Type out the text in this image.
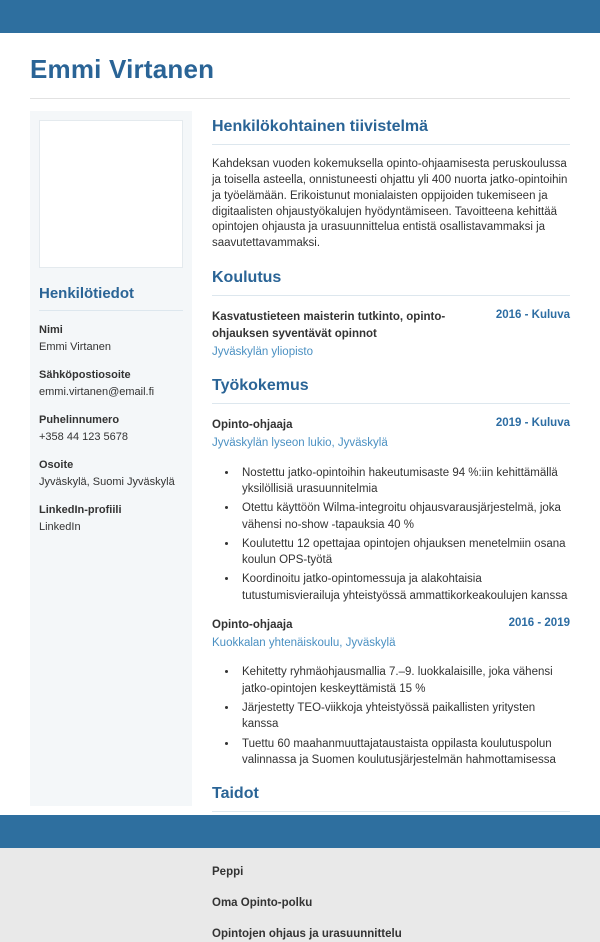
Emmi Virtanen
Henkilötiedot
Nimi
Emmi Virtanen
Sähköpostiosoite
emmi.virtanen@email.fi
Puhelinnumero
+358 44 123 5678
Osoite
Jyväskylä, Suomi Jyväskylä
LinkedIn-profiili
LinkedIn
Henkilökohtainen tiivistelmä

Kahdeksan vuoden kokemuksella opinto-ohjaamisesta peruskoulussa ja toisella asteella, onnistuneesti ohjattu yli 400 nuorta jatko-opintoihin ja työelämään. Erikoistunut monialaisten oppijoiden tukemiseen ja digitaalisten ohjaustyökalujen hyödyntämiseen. Tavoitteena kehittää opintojen ohjausta ja urasuunnittelua entistä osallistavammaksi ja saavutettavammaksi.

Koulutus
Kasvatustieteen maisterin tutkinto, opinto-ohjauksen syventävät opinnot
2016 - Kuluva
Jyväskylän yliopisto
Työkokemus
Opinto-ohjaaja	2019 - Kuluva
Jyväskylän lyseon lukio, Jyväskylä
• Nostettu jatko-opintoihin hakeutumisaste 94 %:iin kehittämällä yksilöllisiä urasuunnitelmia
• Otettu käyttöön Wilma-integroitu ohjausvarausjärjestelmä, joka vähensi no-show -tapauksia 40 %
• Koulutettu 12 opettajaa opintojen ohjauksen menetelmiin osana koulun OPS-työtä
• Koordinoitu jatko-opintomessuja ja alakohtaisia tutustumisvierailuja yhteistyössä ammattikorkeakoulujen kanssa
Opinto-ohjaaja	2016 - 2019
Kuokkalan yhtenäiskoulu, Jyväskylä
• Kehitetty ryhmäohjausmallia 7.–9. luokkalaisille, joka vähensi jatko-opintojen keskeyttämistä 15 %
• Järjestetty TEO-viikkoja yhteistyössä paikallisten yritysten kanssa
• Tuettu 60 maahanmuuttajataustaista oppilasta koulutuspolun valinnassa ja Suomen koulutusjärjestelmän hahmottamisessa
Taidot
Peppi
Oma Opinto-polku
Opintojen ohjaus ja urasuunnittelu
